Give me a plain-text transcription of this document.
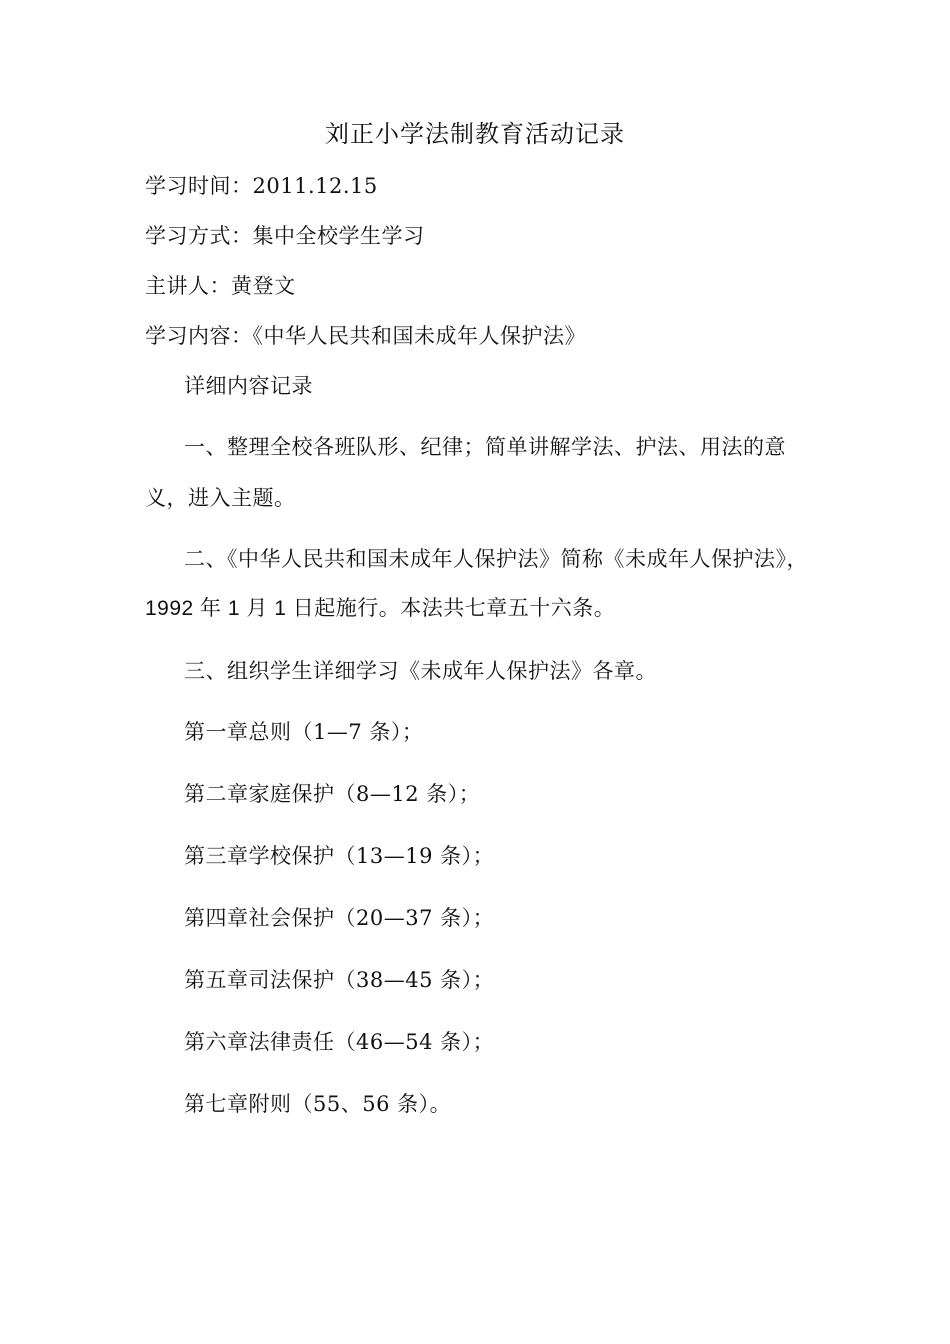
刘正小学法制教育活动记录
学习时间：2011.12.15
学习方式：集中全校学生学习
主讲人：黄登文
学习内容：《中华人民共和国未成年人保护法》
详细内容记录
一、整理全校各班队形、纪律；简单讲解学法、护法、用法的意
义，进入主题。
二、《中华人民共和国未成年人保护法》简称《未成年人保护法》，
1992 年 1 月 1 日起施行。本法共七章五十六条。
三、组织学生详细学习《未成年人保护法》各章。
第一章总则（1—7 条）；
第二章家庭保护（8—12 条）；
第三章学校保护（13—19 条）；
第四章社会保护（20—37 条）；
第五章司法保护（38—45 条）；
第六章法律责任（46—54 条）；
第七章附则（55、56 条）。
